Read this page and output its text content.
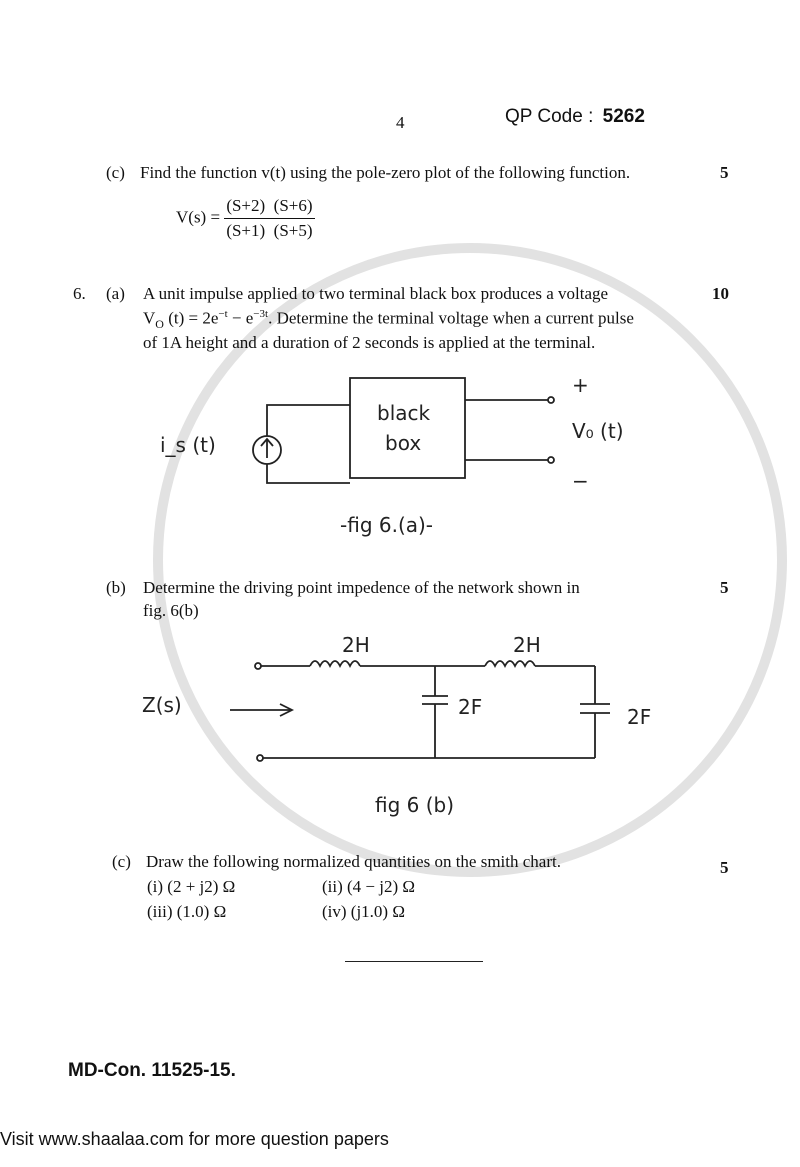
4	QP Code : 5262
(c) Find the function v(t) using the pole-zero plot of the following function.	5
$V(s) = \frac{(S+2) (S+6)}{(S+1) (S+5)}$
6. (a) A unit impulse applied to two terminal black box produces a voltage
$V_O$ $(t) = 2e^{-t} - e^{-3t}$. Determine the terminal voltage when a current pulse
of 1A height and a duration of 2 seconds is applied at the terminal.
10
black
box
i_s (t)
+
−
V₀ (t)
-fig 6.(a)-
(b) Determine the driving point impedence of the network shown in
fig. 6(b)
5
2H	2H
2F	2F
Z(s)
fig 6 (b)
(c) Draw the following normalized quantities on the smith chart.	5
(i) (2 + j2) Ω	(ii) (4 − j2) Ω
(iii) (1.0) Ω	(iv) (j1.0) Ω
MD-Con. 11525-15.
Visit www.shaalaa.com for more question papers
